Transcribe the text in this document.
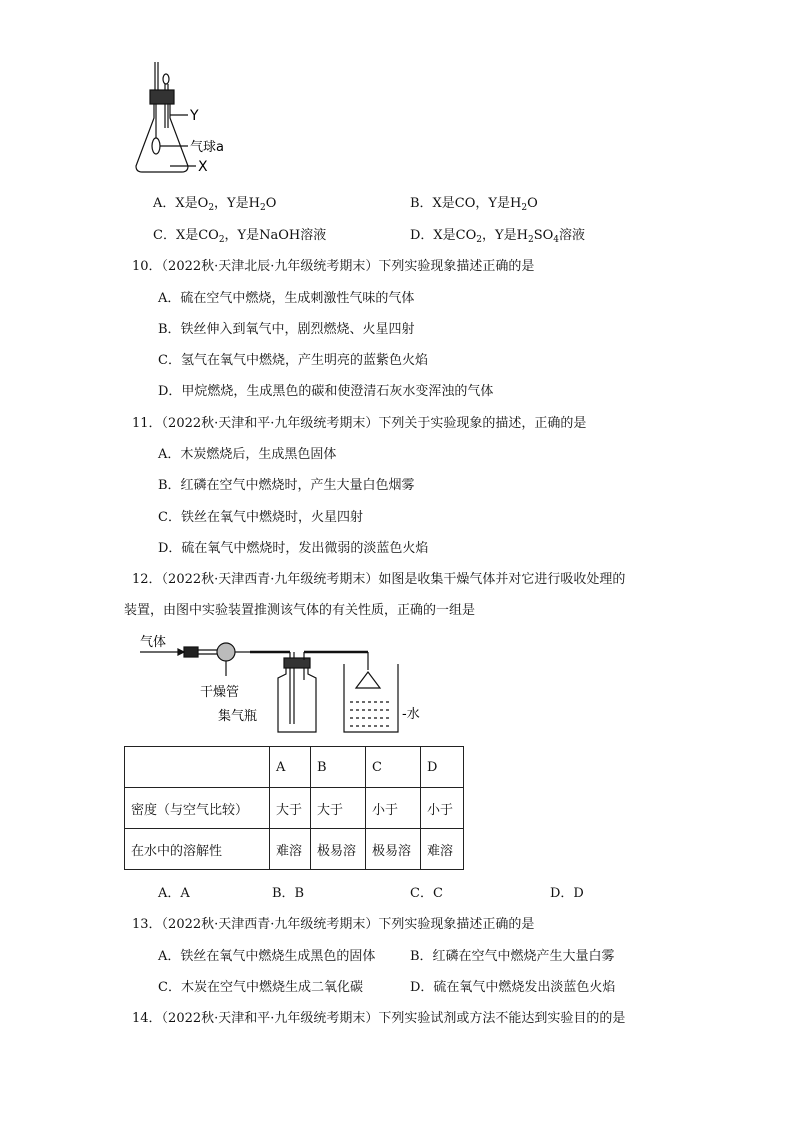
Y
气球a
X
A．X是$O_2$，Y是$H_2O$	B．X是CO，Y是$H_2O$
C．X是$CO_2$，Y是NaOH溶液	D．X是$CO_2$，Y是$H_2SO_4$溶液
10．（2022秋·天津北辰·九年级统考期末）下列实验现象描述正确的是
A．硫在空气中燃烧，生成刺激性气味的气体
B．铁丝伸入到氧气中，剧烈燃烧、火星四射
C．氢气在氧气中燃烧，产生明亮的蓝紫色火焰
D．甲烷燃烧，生成黑色的碳和使澄清石灰水变浑浊的气体
11．（2022秋·天津和平·九年级统考期末）下列关于实验现象的描述，正确的是
A．木炭燃烧后，生成黑色固体
B．红磷在空气中燃烧时，产生大量白色烟雾
C．铁丝在氧气中燃烧时，火星四射
D．硫在氧气中燃烧时，发出微弱的淡蓝色火焰
12．（2022秋·天津西青·九年级统考期末）如图是收集干燥气体并对它进行吸收处理的
装置，由图中实验装置推测该气体的有关性质，正确的一组是
气体
干燥管
集气瓶	-水
	A	B	C	D
密度（与空气比较）	大于	大于	小于	小于
在水中的溶解性	难溶	极易溶	极易溶	难溶
A．A	B．B	C．C	D．D
13．（2022秋·天津西青·九年级统考期末）下列实验现象描述正确的是
A．铁丝在氧气中燃烧生成黑色的固体	B．红磷在空气中燃烧产生大量白雾
C．木炭在空气中燃烧生成二氧化碳	D．硫在氧气中燃烧发出淡蓝色火焰
14．（2022秋·天津和平·九年级统考期末）下列实验试剂或方法不能达到实验目的的是
